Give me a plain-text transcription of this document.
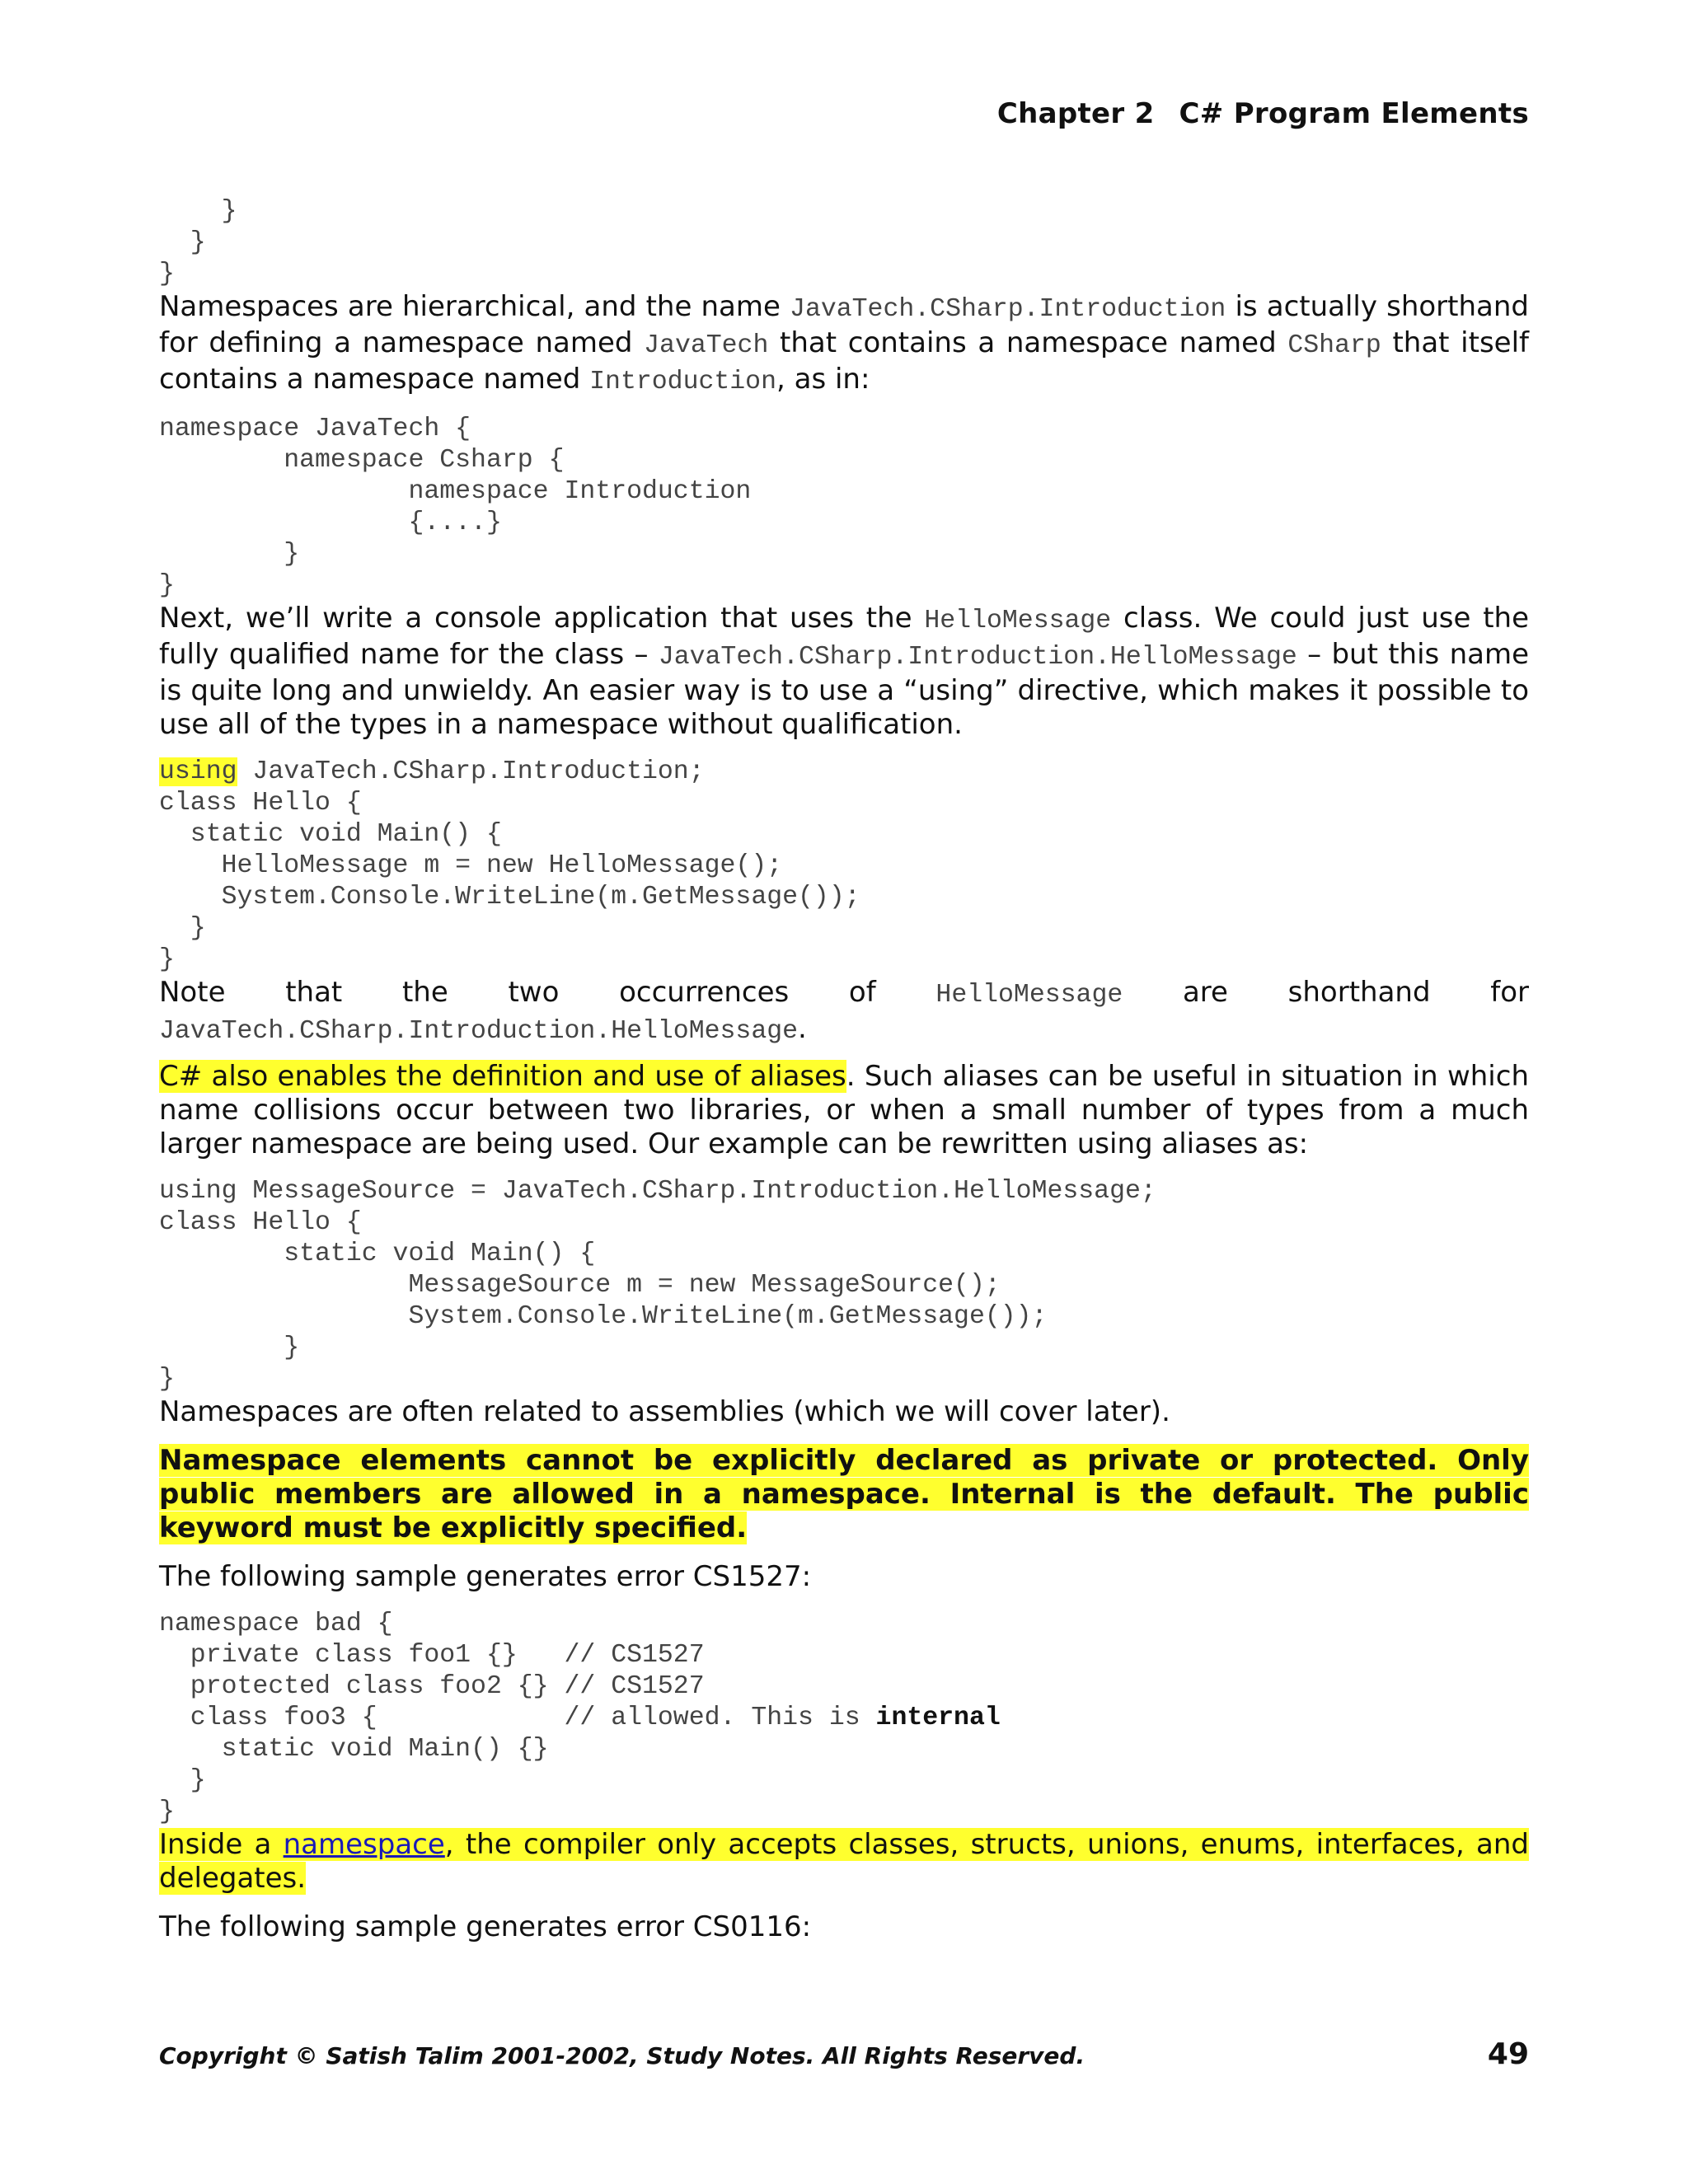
Chapter 2 C# Program Elements
}
}
}
Namespaces are hierarchical, and the name JavaTech.CSharp.Introduction is actually shorthand for defining a namespace named JavaTech that contains a namespace named CSharp that itself contains a namespace named Introduction, as in:
namespace JavaTech {
namespace Csharp {
namespace Introduction
{....}
}
}
Next, we’ll write a console application that uses the HelloMessage class. We could just use the fully qualified name for the class – JavaTech.CSharp.Introduction.HelloMessage – but this name is quite long and unwieldy. An easier way is to use a “using” directive, which makes it possible to use all of the types in a namespace without qualification.
using JavaTech.CSharp.Introduction;
class Hello {
static void Main() {
HelloMessage m = new HelloMessage();
System.Console.WriteLine(m.GetMessage());
}
}
Note that the two occurrences of HelloMessage are shorthand for JavaTech.CSharp.Introduction.HelloMessage.
C# also enables the definition and use of aliases. Such aliases can be useful in situation in which name collisions occur between two libraries, or when a small number of types from a much larger namespace are being used. Our example can be rewritten using aliases as:
using MessageSource = JavaTech.CSharp.Introduction.HelloMessage;
class Hello {
static void Main() {
MessageSource m = new MessageSource();
System.Console.WriteLine(m.GetMessage());
}
}
Namespaces are often related to assemblies (which we will cover later).
Namespace elements cannot be explicitly declared as private or protected. Only public members are allowed in a namespace. Internal is the default. The public keyword must be explicitly specified.
The following sample generates error CS1527:
namespace bad {
private class foo1 {}   // CS1527
protected class foo2 {} // CS1527
class foo3 {            // allowed. This is internal
static void Main() {}
}
}
Inside a namespace, the compiler only accepts classes, structs, unions, enums, interfaces, and delegates.
The following sample generates error CS0116:
Copyright © Satish Talim 2001-2002, Study Notes. All Rights Reserved.	49
